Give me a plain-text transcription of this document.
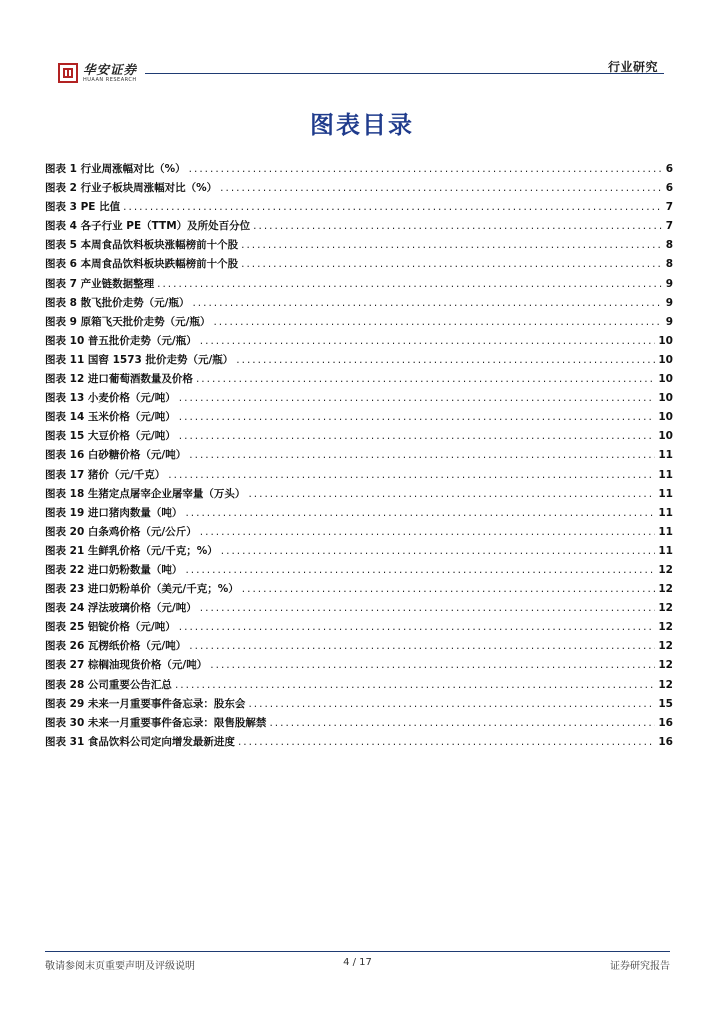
华安证券
HUAAN RESEARCH
行业研究
图表目录
图表 1 行业周涨幅对比（%） .....	6
图表 2 行业子板块周涨幅对比（%） .....	6
图表 3 PE 比值 .....	7
图表 4 各子行业 PE（TTM）及所处百分位 .....	7
图表 5 本周食品饮料板块涨幅榜前十个股 .....	8
图表 6 本周食品饮料板块跌幅榜前十个股 .....	8
图表 7 产业链数据整理 .....	9
图表 8 散飞批价走势（元/瓶） .....	9
图表 9 原箱飞天批价走势（元/瓶） .....	9
图表 10 普五批价走势（元/瓶） .....	10
图表 11 国窖 1573 批价走势（元/瓶） .....	10
图表 12 进口葡萄酒数量及价格 .....	10
图表 13 小麦价格（元/吨） .....	10
图表 14 玉米价格（元/吨） .....	10
图表 15 大豆价格（元/吨） .....	10
图表 16 白砂糖价格（元/吨） .....	11
图表 17 猪价（元/千克） .....	11
图表 18 生猪定点屠宰企业屠宰量（万头） .....	11
图表 19 进口猪肉数量（吨） .....	11
图表 20 白条鸡价格（元/公斤） .....	11
图表 21 生鲜乳价格（元/千克；%） .....	11
图表 22 进口奶粉数量（吨） .....	12
图表 23 进口奶粉单价（美元/千克；%） .....	12
图表 24 浮法玻璃价格（元/吨） .....	12
图表 25 铝锭价格（元/吨） .....	12
图表 26 瓦楞纸价格（元/吨） .....	12
图表 27 棕榈油现货价格（元/吨） .....	12
图表 28 公司重要公告汇总 .....	12
图表 29 未来一月重要事件备忘录：股东会 .....	15
图表 30 未来一月重要事件备忘录：限售股解禁 .....	16
图表 31 食品饮料公司定向增发最新进度 .....	16
敬请参阅末页重要声明及评级说明	4 / 17	证券研究报告
